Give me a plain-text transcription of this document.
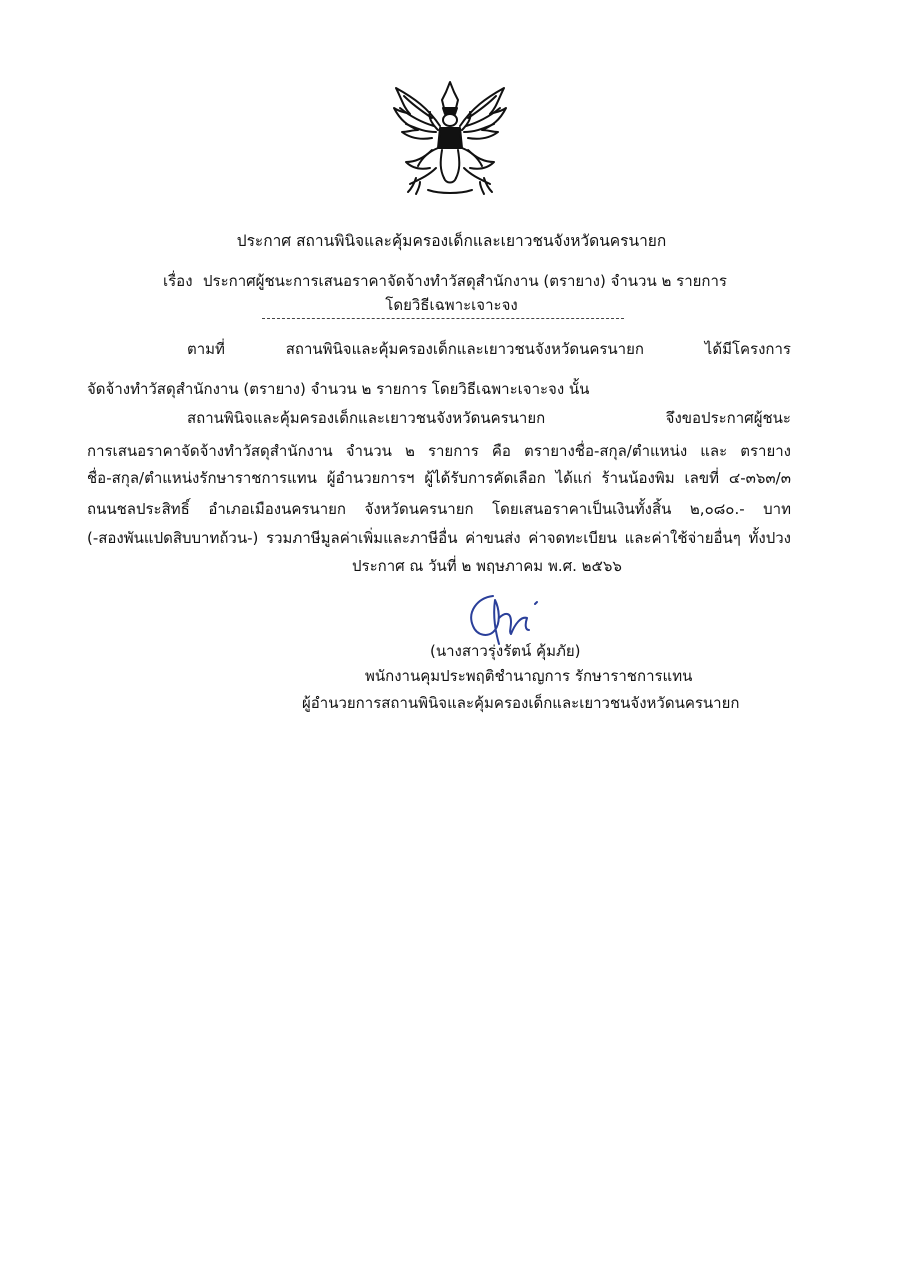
ประกาศ สถานพินิจและคุ้มครองเด็กและเยาวชนจังหวัดนครนายก
เรื่อง ประกาศผู้ชนะการเสนอราคาจัดจ้างทำวัสดุสำนักงาน (ตรายาง) จำนวน ๒ รายการ
โดยวิธีเฉพาะเจาะจง
ตามที่ สถานพินิจและคุ้มครองเด็กและเยาวชนจังหวัดนครนายก ได้มีโครงการ
จัดจ้างทำวัสดุสำนักงาน (ตรายาง) จำนวน ๒ รายการ โดยวิธีเฉพาะเจาะจง นั้น
สถานพินิจและคุ้มครองเด็กและเยาวชนจังหวัดนครนายก จึงขอประกาศผู้ชนะ
การเสนอราคาจัดจ้างทำวัสดุสำนักงาน จำนวน ๒ รายการ คือ ตรายางชื่อ-สกุล/ตำแหน่ง และ ตรายาง
ชื่อ-สกุล/ตำแหน่งรักษาราชการแทน ผู้อำนวยการฯ ผู้ได้รับการคัดเลือก ได้แก่ ร้านน้องพิม เลขที่ ๔-๓๖๓/๓
ถนนชลประสิทธิ์ อำเภอเมืองนครนายก จังหวัดนครนายก โดยเสนอราคาเป็นเงินทั้งสิ้น ๒,๐๘๐.- บาท
(-สองพันแปดสิบบาทถ้วน-) รวมภาษีมูลค่าเพิ่มและภาษีอื่น ค่าขนส่ง ค่าจดทะเบียน และค่าใช้จ่ายอื่นๆ ทั้งปวง
ประกาศ ณ วันที่ ๒ พฤษภาคม พ.ศ. ๒๕๖๖
(นางสาวรุ่งรัตน์ คุ้มภัย)
พนักงานคุมประพฤติชำนาญการ รักษาราชการแทน
ผู้อำนวยการสถานพินิจและคุ้มครองเด็กและเยาวชนจังหวัดนครนายก
